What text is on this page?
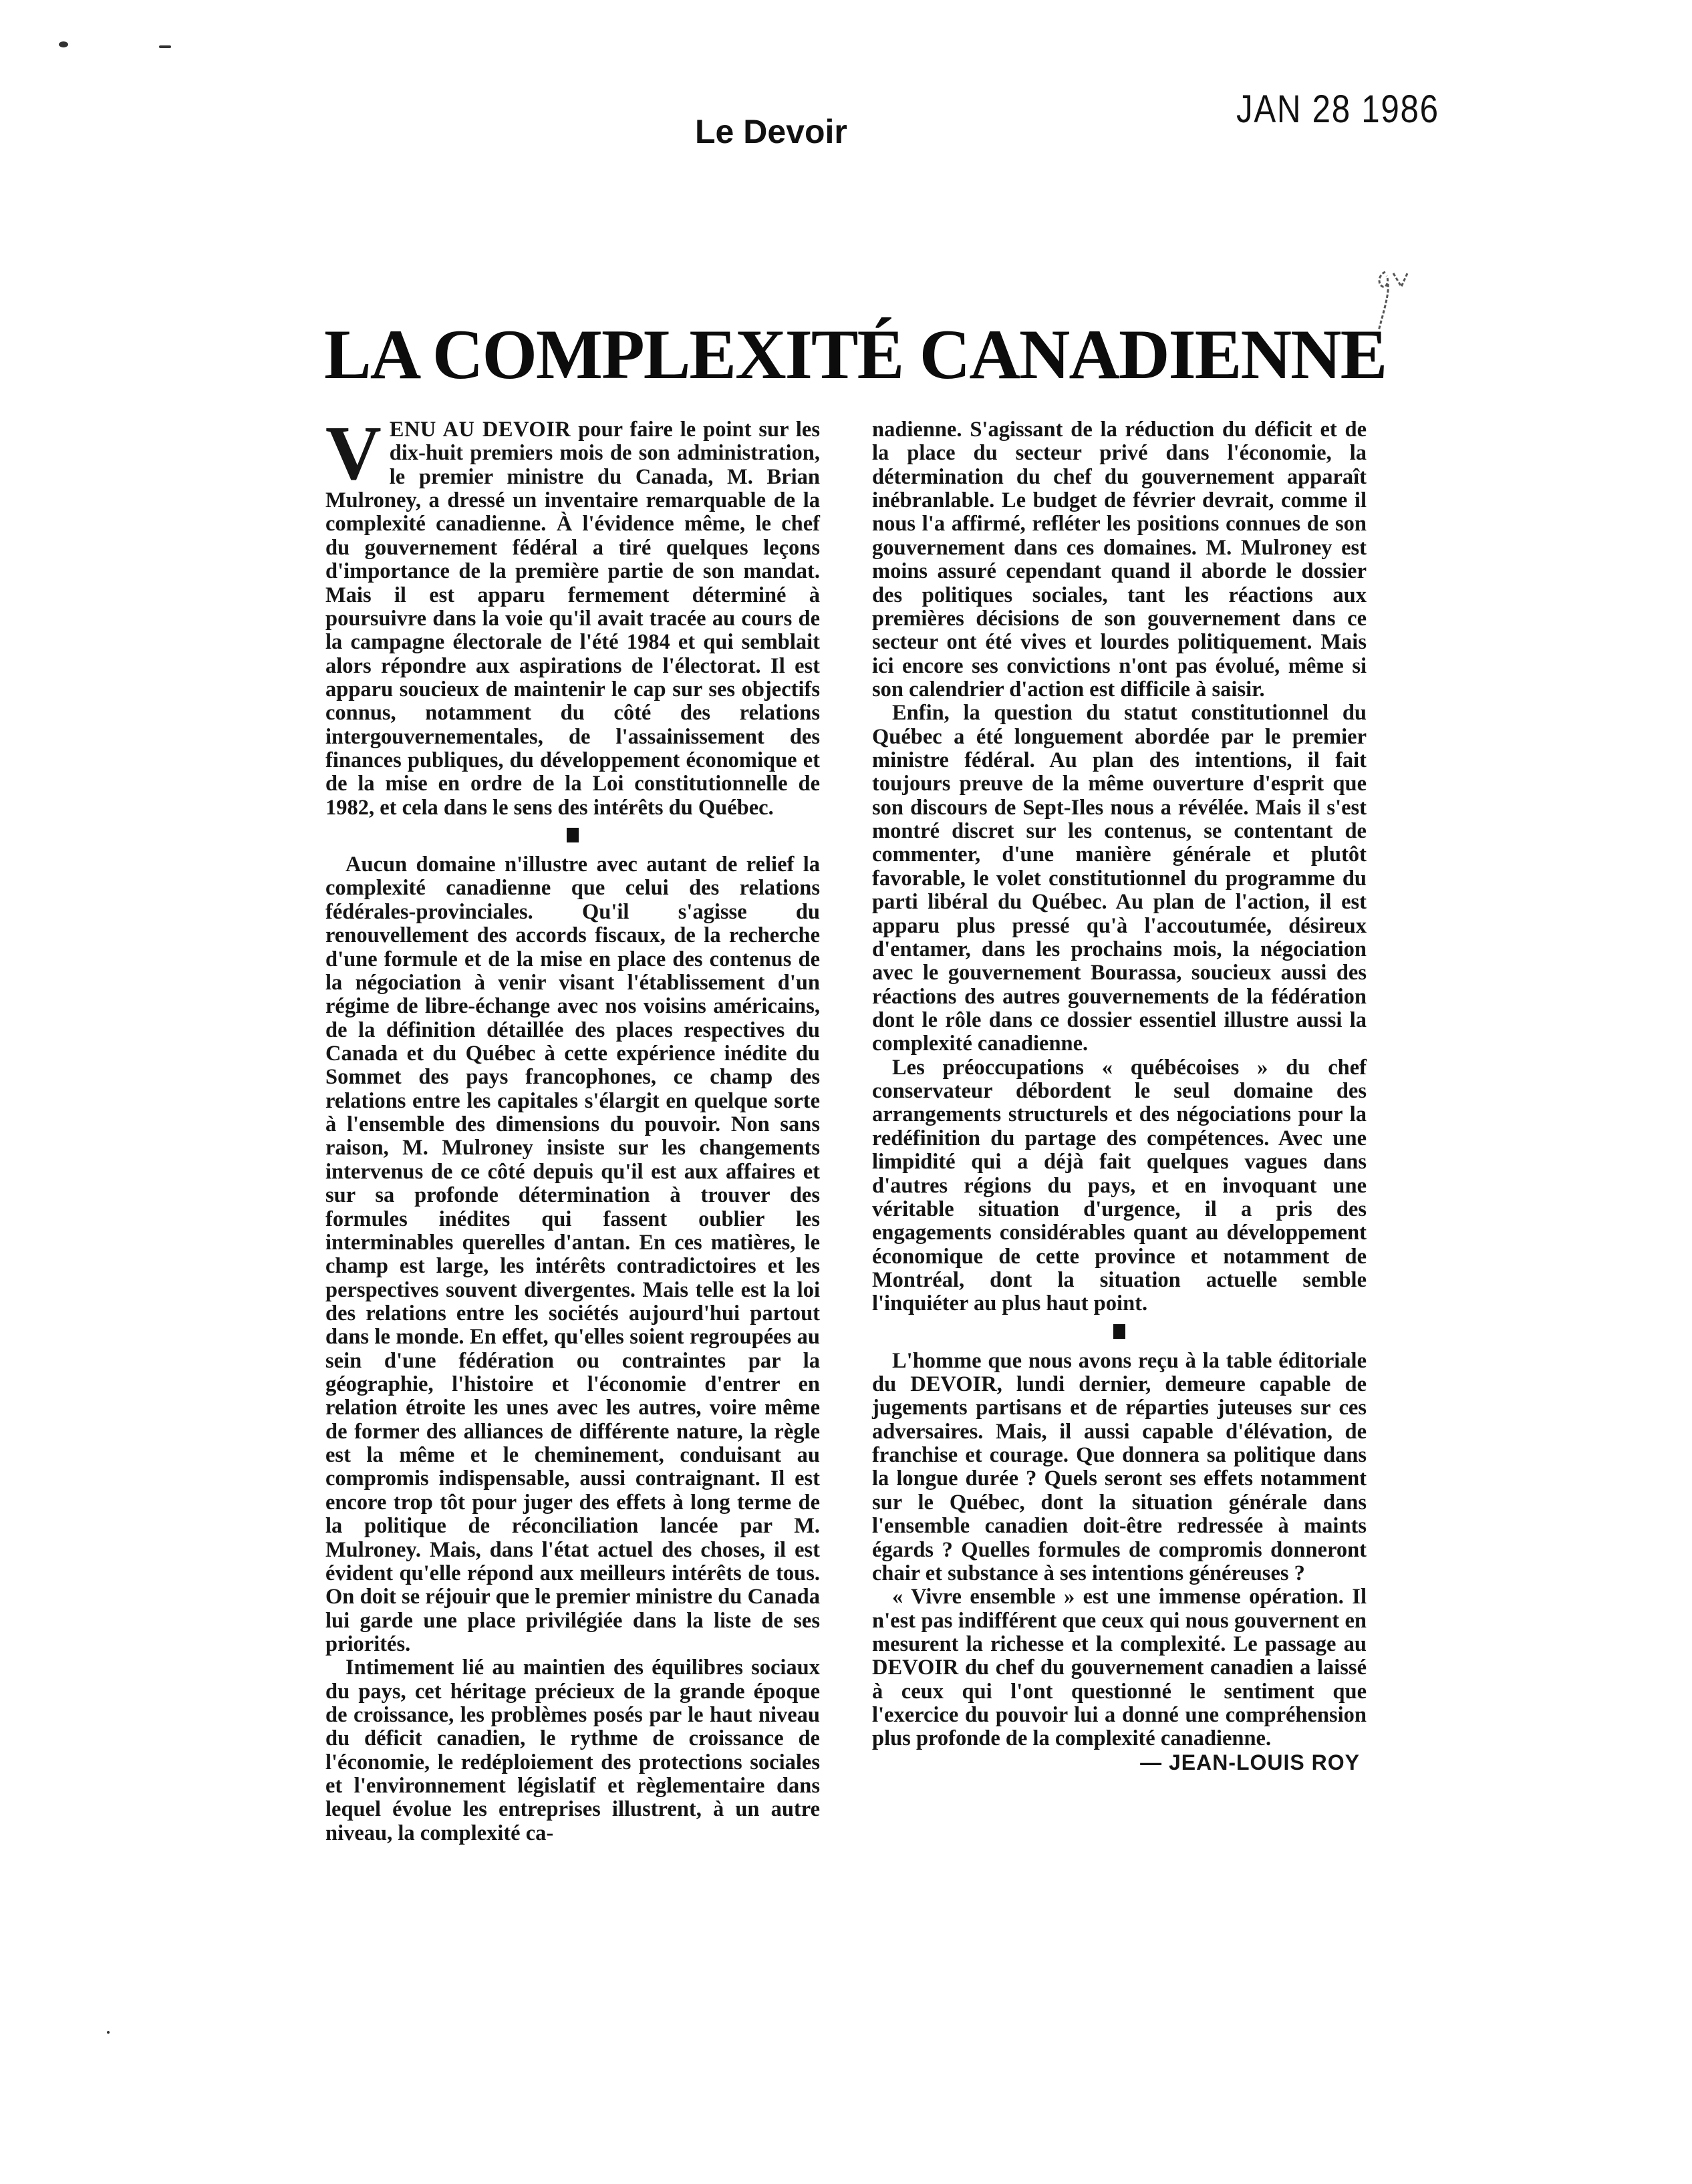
JAN 28 1986
Le Devoir
LA COMPLEXITÉ CANADIENNE

VENU AU DEVOIR pour faire le point sur les dix-huit premiers mois de son administration, le premier ministre du Canada, M. Brian Mulroney, a dressé un inventaire remarquable de la complexité canadienne. À l'évidence même, le chef du gouvernement fédéral a tiré quelques leçons d'importance de la première partie de son mandat. Mais il est apparu fermement déterminé à poursuivre dans la voie qu'il avait tracée au cours de la campagne électorale de l'été 1984 et qui semblait alors répondre aux aspirations de l'électorat. Il est apparu soucieux de maintenir le cap sur ses objectifs connus, notamment du côté des relations intergouvernementales, de l'assainissement des finances publiques, du développement économique et de la mise en ordre de la Loi constitutionnelle de 1982, et cela dans le sens des intérêts du Québec.

Aucun domaine n'illustre avec autant de relief la complexité canadienne que celui des relations fédérales-provinciales. Qu'il s'agisse du renouvellement des accords fiscaux, de la recherche d'une formule et de la mise en place des contenus de la négociation à venir visant l'établissement d'un régime de libre-échange avec nos voisins américains, de la définition détaillée des places respectives du Canada et du Québec à cette expérience inédite du Sommet des pays francophones, ce champ des relations entre les capitales s'élargit en quelque sorte à l'ensemble des dimensions du pouvoir. Non sans raison, M. Mulroney insiste sur les changements intervenus de ce côté depuis qu'il est aux affaires et sur sa profonde détermination à trouver des formules inédites qui fassent oublier les interminables querelles d'antan. En ces matières, le champ est large, les intérêts contradictoires et les perspectives souvent divergentes. Mais telle est la loi des relations entre les sociétés aujourd'hui partout dans le monde. En effet, qu'elles soient regroupées au sein d'une fédération ou contraintes par la géographie, l'histoire et l'économie d'entrer en relation étroite les unes avec les autres, voire même de former des alliances de différente nature, la règle est la même et le cheminement, conduisant au compromis indispensable, aussi contraignant. Il est encore trop tôt pour juger des effets à long terme de la politique de réconciliation lancée par M. Mulroney. Mais, dans l'état actuel des choses, il est évident qu'elle répond aux meilleurs intérêts de tous. On doit se réjouir que le premier ministre du Canada lui garde une place privilégiée dans la liste de ses priorités.

Intimement lié au maintien des équilibres sociaux du pays, cet héritage précieux de la grande époque de croissance, les problèmes posés par le haut niveau du déficit canadien, le rythme de croissance de l'économie, le redéploiement des protections sociales et l'environnement législatif et règlementaire dans lequel évolue les entreprises illustrent, à un autre niveau, la complexité ca-

nadienne. S'agissant de la réduction du déficit et de la place du secteur privé dans l'économie, la détermination du chef du gouvernement apparaît inébranlable. Le budget de février devrait, comme il nous l'a affirmé, refléter les positions connues de son gouvernement dans ces domaines. M. Mulroney est moins assuré cependant quand il aborde le dossier des politiques sociales, tant les réactions aux premières décisions de son gouvernement dans ce secteur ont été vives et lourdes politiquement. Mais ici encore ses convictions n'ont pas évolué, même si son calendrier d'action est difficile à saisir.

Enfin, la question du statut constitutionnel du Québec a été longuement abordée par le premier ministre fédéral. Au plan des intentions, il fait toujours preuve de la même ouverture d'esprit que son discours de Sept-Iles nous a révélée. Mais il s'est montré discret sur les contenus, se contentant de commenter, d'une manière générale et plutôt favorable, le volet constitutionnel du programme du parti libéral du Québec. Au plan de l'action, il est apparu plus pressé qu'à l'accoutumée, désireux d'entamer, dans les prochains mois, la négociation avec le gouvernement Bourassa, soucieux aussi des réactions des autres gouvernements de la fédération dont le rôle dans ce dossier essentiel illustre aussi la complexité canadienne.

Les préoccupations « québécoises » du chef conservateur débordent le seul domaine des arrangements structurels et des négociations pour la redéfinition du partage des compétences. Avec une limpidité qui a déjà fait quelques vagues dans d'autres régions du pays, et en invoquant une véritable situation d'urgence, il a pris des engagements considérables quant au développement économique de cette province et notamment de Montréal, dont la situation actuelle semble l'inquiéter au plus haut point.

L'homme que nous avons reçu à la table éditoriale du DEVOIR, lundi dernier, demeure capable de jugements partisans et de réparties juteuses sur ces adversaires. Mais, il aussi capable d'élévation, de franchise et courage. Que donnera sa politique dans la longue durée ? Quels seront ses effets notamment sur le Québec, dont la situation générale dans l'ensemble canadien doit-être redressée à maints égards ? Quelles formules de compromis donneront chair et substance à ses intentions généreuses ?

« Vivre ensemble » est une immense opération. Il n'est pas indifférent que ceux qui nous gouvernent en mesurent la richesse et la complexité. Le passage au DEVOIR du chef du gouvernement canadien a laissé à ceux qui l'ont questionné le sentiment que l'exercice du pouvoir lui a donné une compréhension plus profonde de la complexité canadienne.

— JEAN-LOUIS ROY
